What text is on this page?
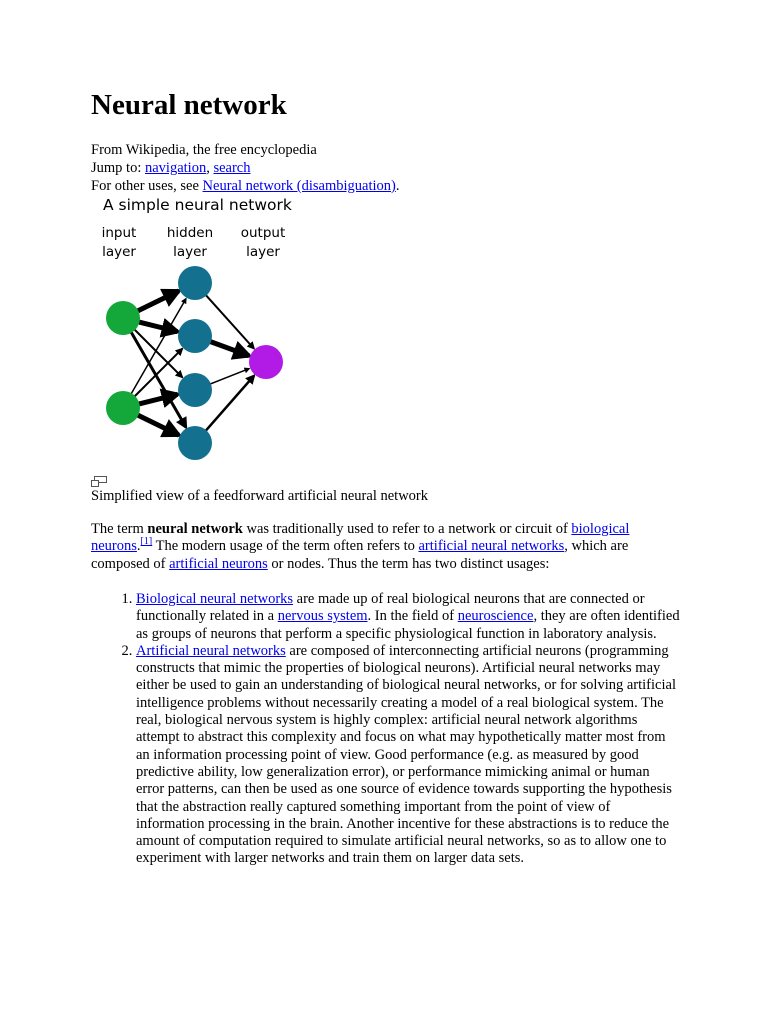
Neural network
From Wikipedia, the free encyclopedia
Jump to: navigation, search
For other uses, see Neural network (disambiguation).
A simple neural network
input
layer
hidden
layer
output
layer
Simplified view of a feedforward artificial neural network

The term neural network was traditionally used to refer to a network or circuit of biological neurons.[1] The modern usage of the term often refers to artificial neural networks, which are composed of artificial neurons or nodes. Thus the term has two distinct usages:

1. Biological neural networks are made up of real biological neurons that are connected or functionally related in a nervous system. In the field of neuroscience, they are often identified as groups of neurons that perform a specific physiological function in laboratory analysis.
2. Artificial neural networks are composed of interconnecting artificial neurons (programming constructs that mimic the properties of biological neurons). Artificial neural networks may either be used to gain an understanding of biological neural networks, or for solving artificial intelligence problems without necessarily creating a model of a real biological system. The real, biological nervous system is highly complex: artificial neural network algorithms attempt to abstract this complexity and focus on what may hypothetically matter most from an information processing point of view. Good performance (e.g. as measured by good predictive ability, low generalization error), or performance mimicking animal or human error patterns, can then be used as one source of evidence towards supporting the hypothesis that the abstraction really captured something important from the point of view of information processing in the brain. Another incentive for these abstractions is to reduce the amount of computation required to simulate artificial neural networks, so as to allow one to experiment with larger networks and train them on larger data sets.
